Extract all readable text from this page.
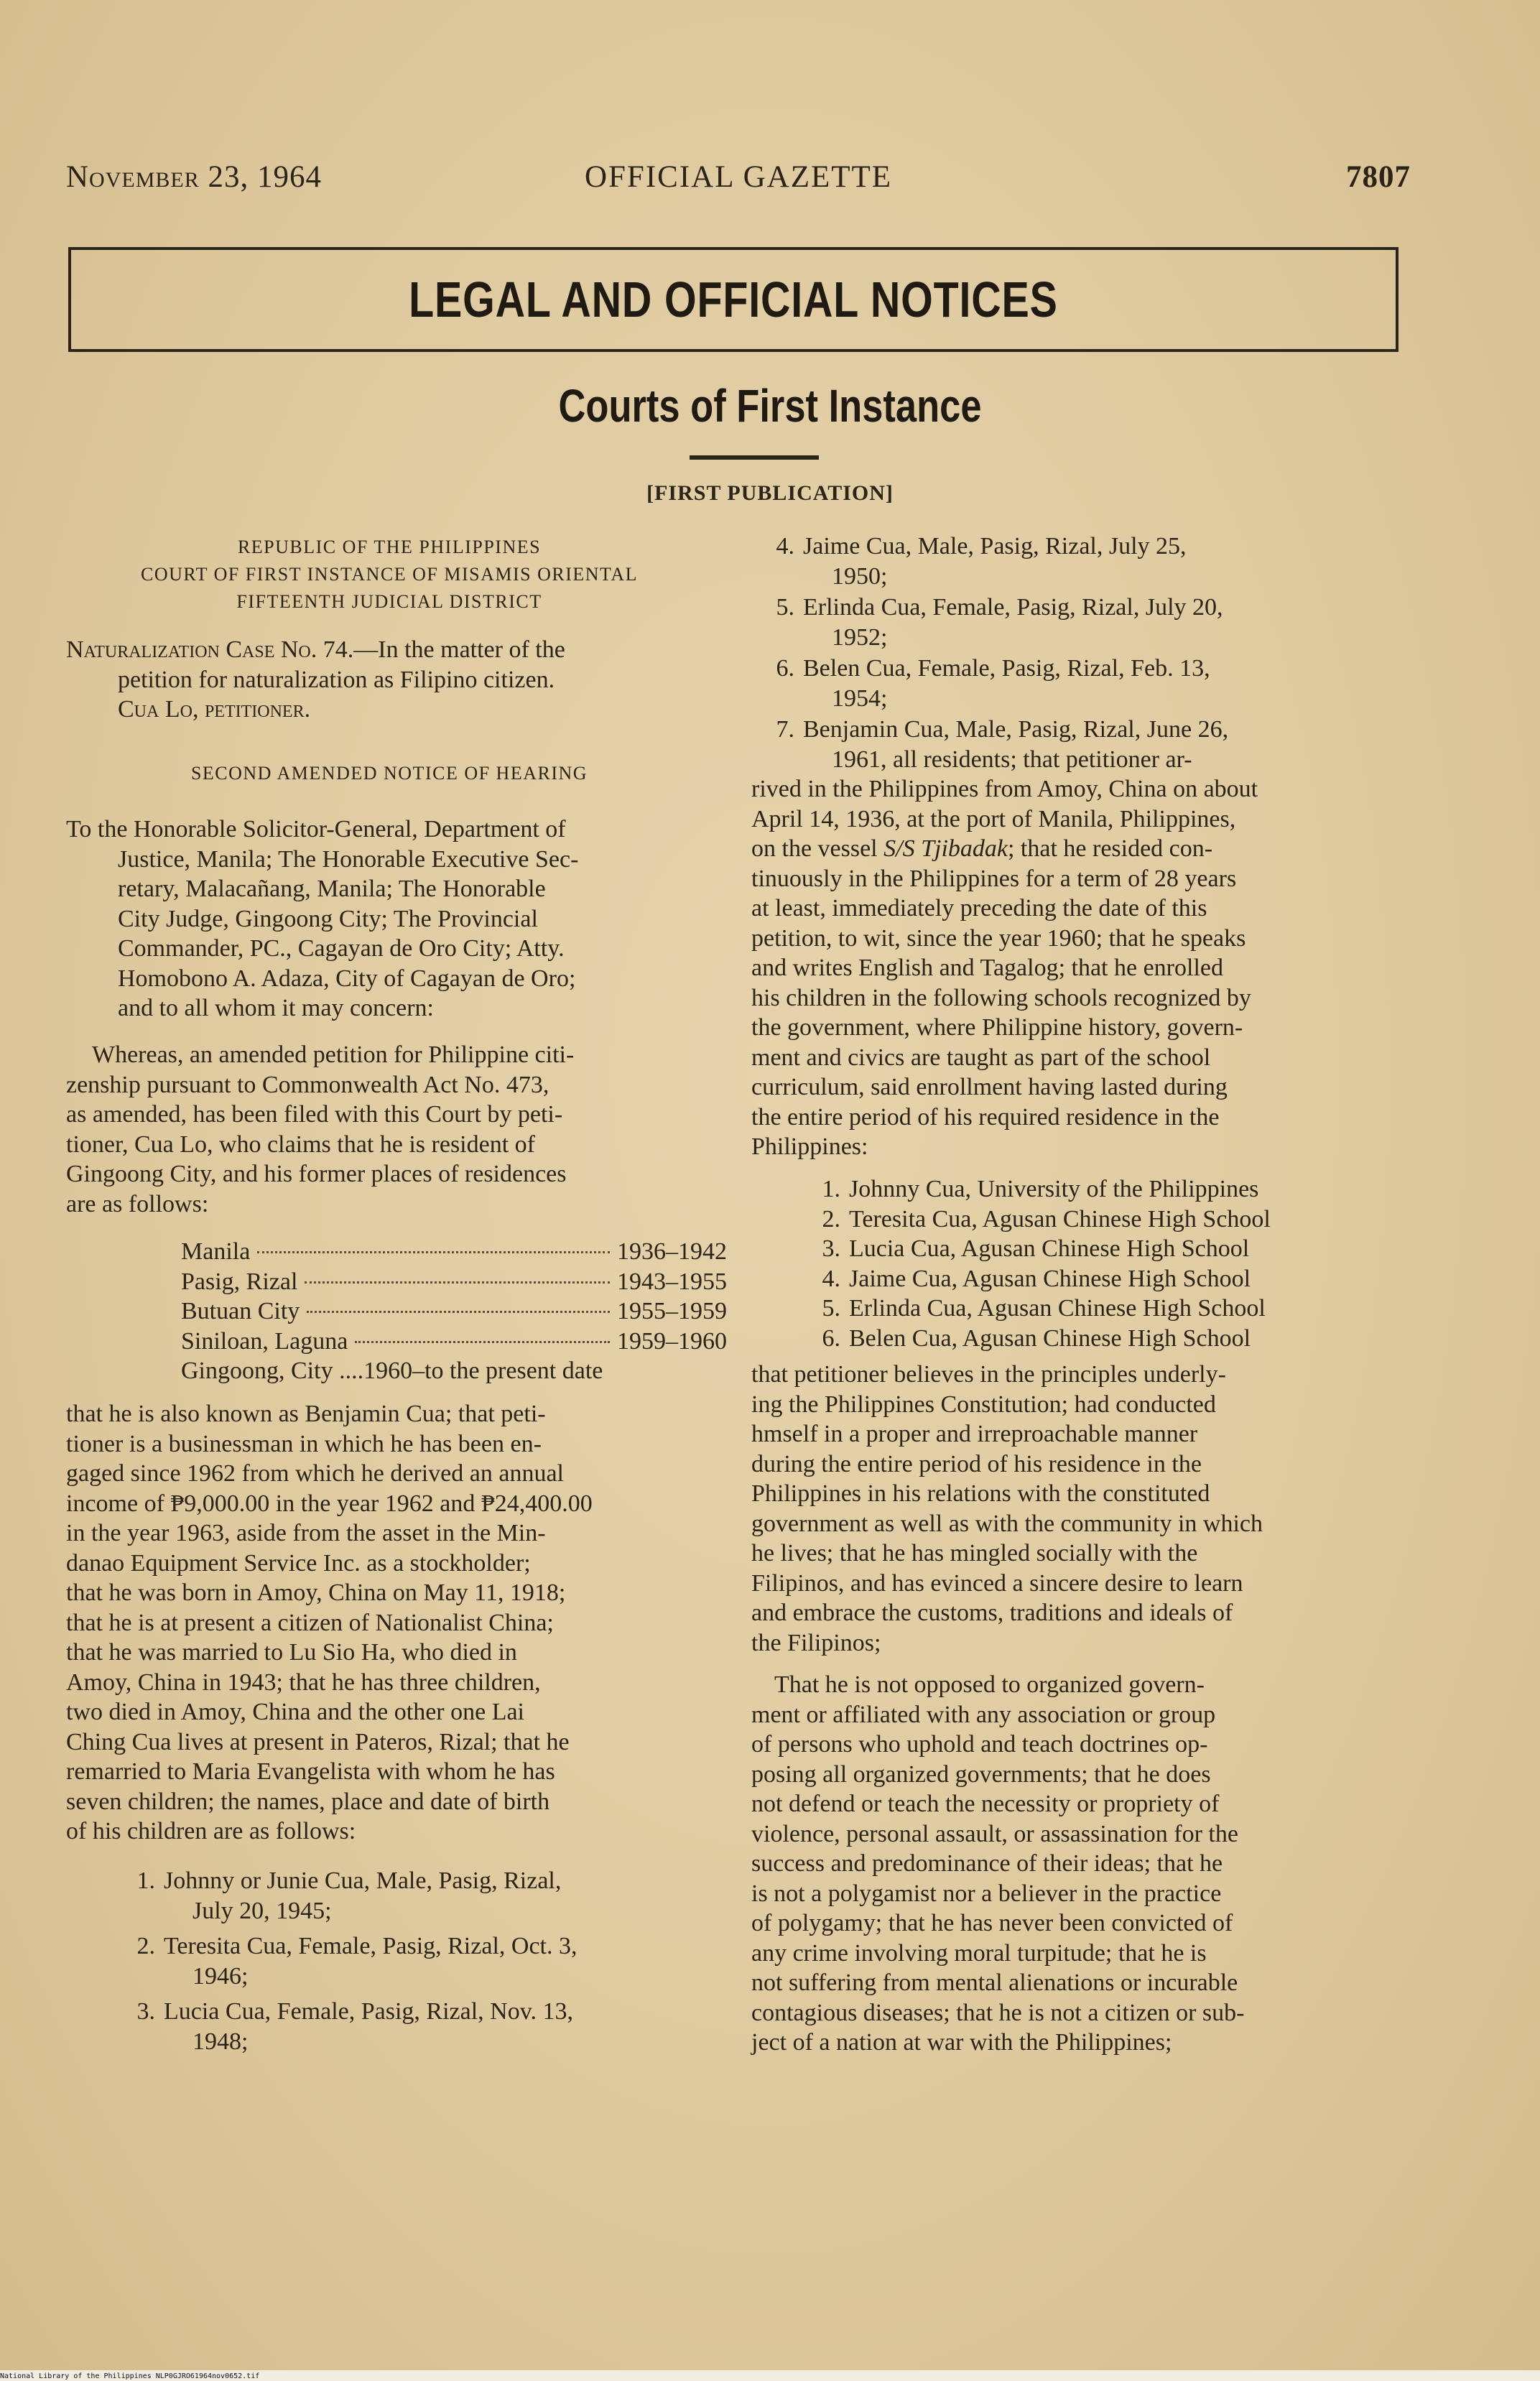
November 23, 1964	OFFICIAL GAZETTE	7807
LEGAL AND OFFICIAL NOTICES
Courts of First Instance
[FIRST PUBLICATION]
REPUBLIC OF THE PHILIPPINES
COURT OF FIRST INSTANCE OF MISAMIS ORIENTAL
FIFTEENTH JUDICIAL DISTRICT
Naturalization Case No. 74.—In the matter of the
petition for naturalization as Filipino citizen.
Cua Lo, petitioner.
SECOND AMENDED NOTICE OF HEARING
To the Honorable Solicitor-General, Department of
Justice, Manila; The Honorable Executive Sec-
retary, Malacañang, Manila; The Honorable
City Judge, Gingoong City; The Provincial
Commander, PC., Cagayan de Oro City; Atty.
Homobono A. Adaza, City of Cagayan de Oro;
and to all whom it may concern:
Whereas, an amended petition for Philippine citi-
zenship pursuant to Commonwealth Act No. 473,
as amended, has been filed with this Court by peti-
tioner, Cua Lo, who claims that he is resident of
Gingoong City, and his former places of residences
are as follows:
Manila	1936–1942
Pasig, Rizal	1943–1955
Butuan City	1955–1959
Siniloan, Laguna	1959–1960
Gingoong, City ....1960–to the present date
that he is also known as Benjamin Cua; that peti-
tioner is a businessman in which he has been en-
gaged since 1962 from which he derived an annual
income of ₱9,000.00 in the year 1962 and ₱24,400.00
in the year 1963, aside from the asset in the Min-
danao Equipment Service Inc. as a stockholder;
that he was born in Amoy, China on May 11, 1918;
that he is at present a citizen of Nationalist China;
that he was married to Lu Sio Ha, who died in
Amoy, China in 1943; that he has three children,
two died in Amoy, China and the other one Lai
Ching Cua lives at present in Pateros, Rizal; that he
remarried to Maria Evangelista with whom he has
seven children; the names, place and date of birth
of his children are as follows:
1. Johnny or Junie Cua, Male, Pasig, Rizal,
July 20, 1945;
2. Teresita Cua, Female, Pasig, Rizal, Oct. 3,
1946;
3. Lucia Cua, Female, Pasig, Rizal, Nov. 13,
1948;
4. Jaime Cua, Male, Pasig, Rizal, July 25,
1950;
5. Erlinda Cua, Female, Pasig, Rizal, July 20,
1952;
6. Belen Cua, Female, Pasig, Rizal, Feb. 13,
1954;
7. Benjamin Cua, Male, Pasig, Rizal, June 26,
1961, all residents; that petitioner ar-
rived in the Philippines from Amoy, China on about
April 14, 1936, at the port of Manila, Philippines,
on the vessel S/S Tjibadak; that he resided con-
tinuously in the Philippines for a term of 28 years
at least, immediately preceding the date of this
petition, to wit, since the year 1960; that he speaks
and writes English and Tagalog; that he enrolled
his children in the following schools recognized by
the government, where Philippine history, govern-
ment and civics are taught as part of the school
curriculum, said enrollment having lasted during
the entire period of his required residence in the
Philippines:
1. Johnny Cua, University of the Philippines
2. Teresita Cua, Agusan Chinese High School
3. Lucia Cua, Agusan Chinese High School
4. Jaime Cua, Agusan Chinese High School
5. Erlinda Cua, Agusan Chinese High School
6. Belen Cua, Agusan Chinese High School
that petitioner believes in the principles underly-
ing the Philippines Constitution; had conducted
hmself in a proper and irreproachable manner
during the entire period of his residence in the
Philippines in his relations with the constituted
government as well as with the community in which
he lives; that he has mingled socially with the
Filipinos, and has evinced a sincere desire to learn
and embrace the customs, traditions and ideals of
the Filipinos;
That he is not opposed to organized govern-
ment or affiliated with any association or group
of persons who uphold and teach doctrines op-
posing all organized governments; that he does
not defend or teach the necessity or propriety of
violence, personal assault, or assassination for the
success and predominance of their ideas; that he
is not a polygamist nor a believer in the practice
of polygamy; that he has never been convicted of
any crime involving moral turpitude; that he is
not suffering from mental alienations or incurable
contagious diseases; that he is not a citizen or sub-
ject of a nation at war with the Philippines;
National Library of the Philippines NLP0GJRO61964nov0652.tif
